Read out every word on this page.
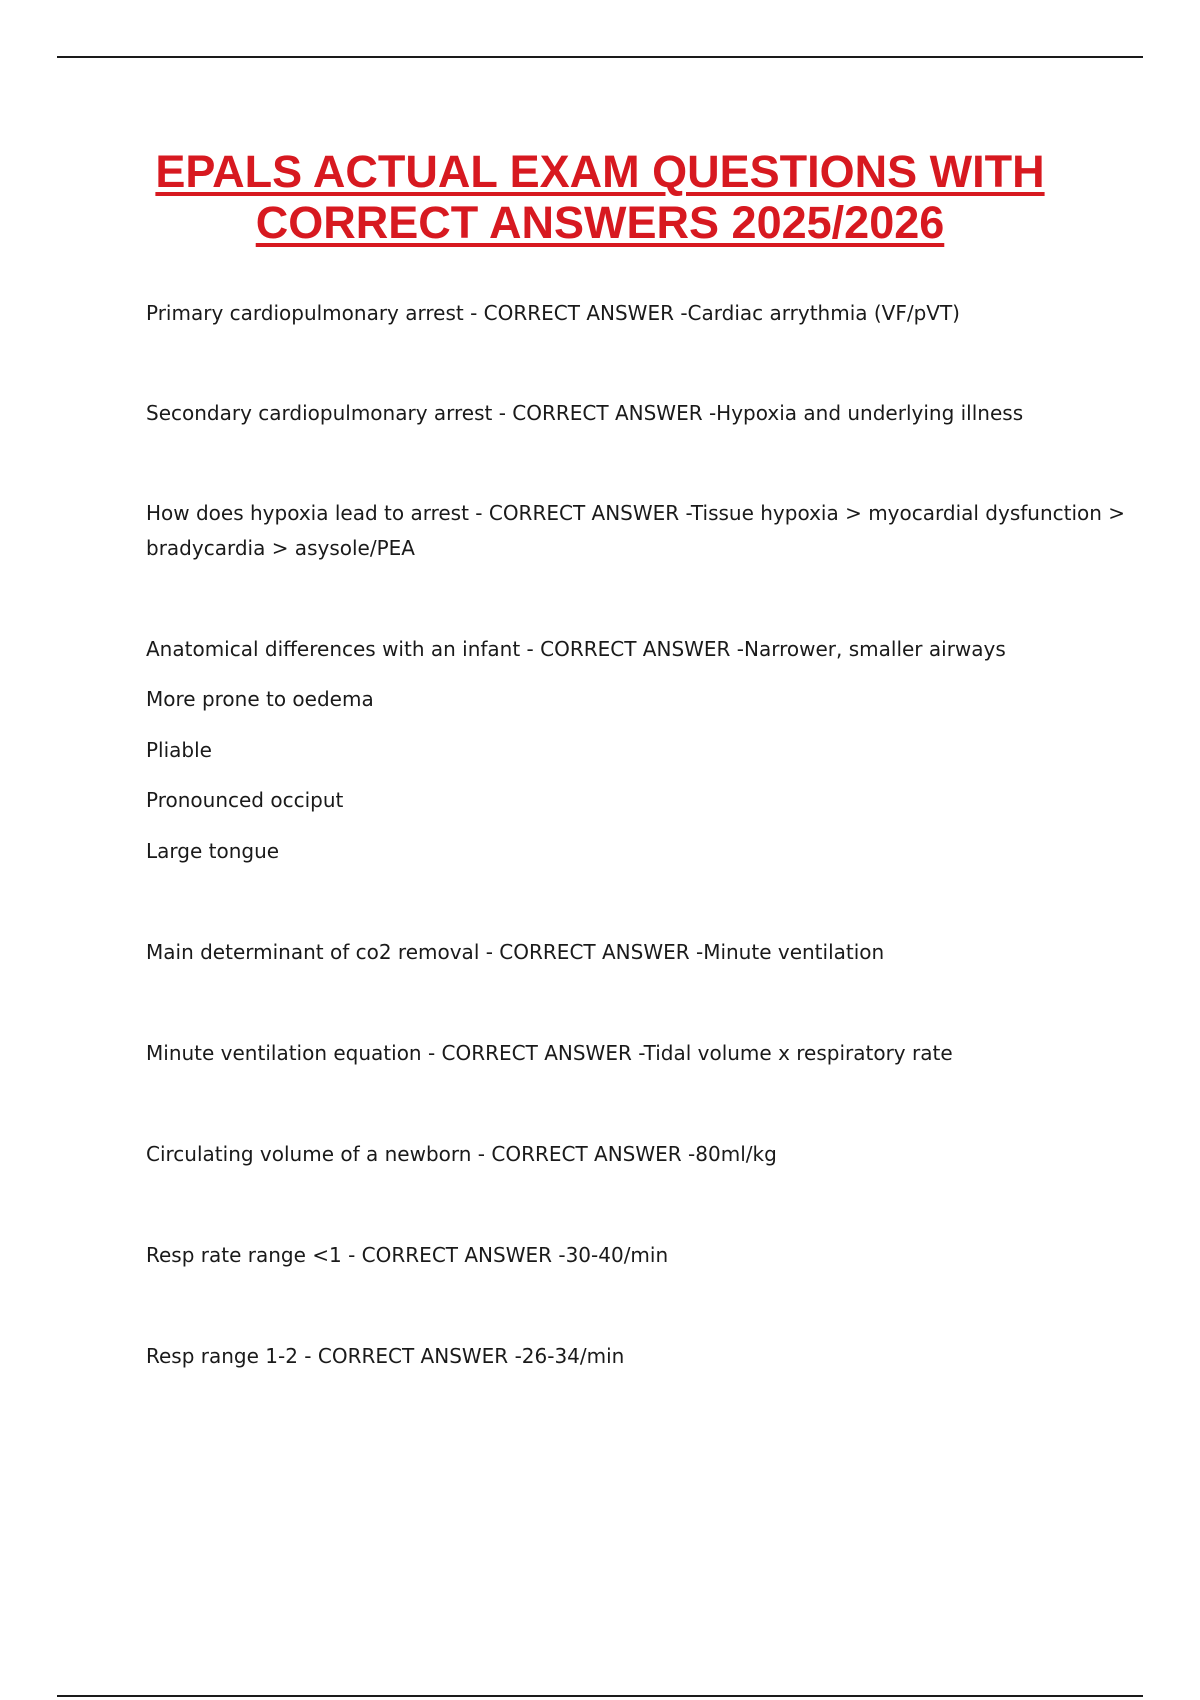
EPALS ACTUAL EXAM QUESTIONS WITH
CORRECT ANSWERS 2025/2026

Primary cardiopulmonary arrest - CORRECT ANSWER -Cardiac arrythmia (VF/pVT)

Secondary cardiopulmonary arrest - CORRECT ANSWER -Hypoxia and underlying illness

How does hypoxia lead to arrest - CORRECT ANSWER -Tissue hypoxia > myocardial dysfunction >
bradycardia > asysole/PEA

Anatomical differences with an infant - CORRECT ANSWER -Narrower, smaller airways

More prone to oedema

Pliable

Pronounced occiput

Large tongue

Main determinant of co2 removal - CORRECT ANSWER -Minute ventilation

Minute ventilation equation - CORRECT ANSWER -Tidal volume x respiratory rate

Circulating volume of a newborn - CORRECT ANSWER -80ml/kg

Resp rate range <1 - CORRECT ANSWER -30-40/min

Resp range 1-2 - CORRECT ANSWER -26-34/min
